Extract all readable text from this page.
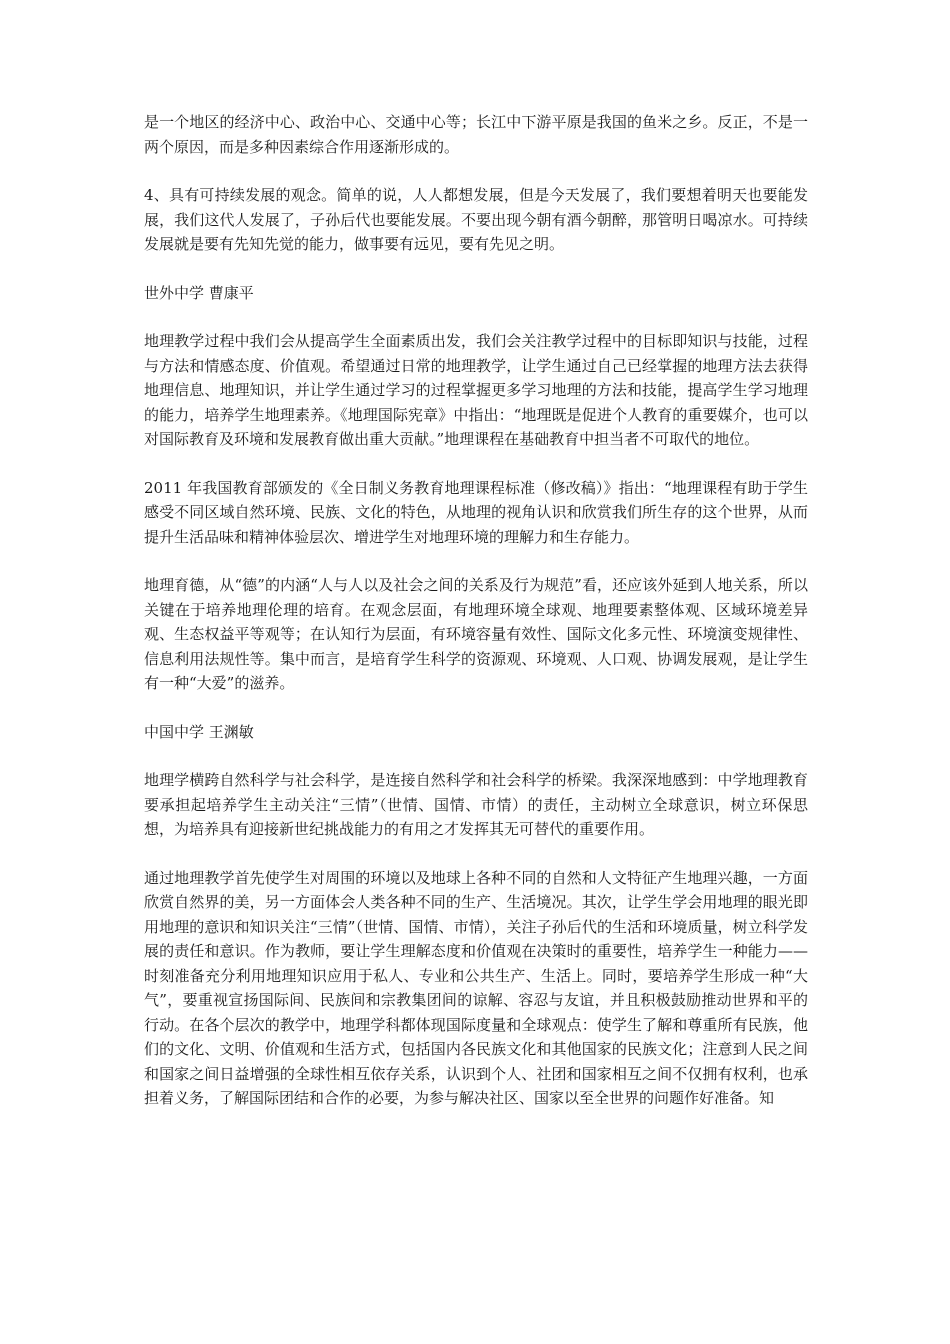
是一个地区的经济中心、政治中心、交通中心等；长江中下游平原是我国的鱼米之乡。反正，不是一两个原因，而是多种因素综合作用逐渐形成的。

4、具有可持续发展的观念。简单的说，人人都想发展，但是今天发展了，我们要想着明天也要能发展，我们这代人发展了，子孙后代也要能发展。不要出现今朝有酒今朝醉，那管明日喝凉水。可持续发展就是要有先知先觉的能力，做事要有远见，要有先见之明。

世外中学 曹康平

地理教学过程中我们会从提高学生全面素质出发，我们会关注教学过程中的目标即知识与技能，过程与方法和情感态度、价值观。希望通过日常的地理教学，让学生通过自己已经掌握的地理方法去获得地理信息、地理知识，并让学生通过学习的过程掌握更多学习地理的方法和技能，提高学生学习地理的能力，培养学生地理素养。《地理国际宪章》中指出：“地理既是促进个人教育的重要媒介，也可以对国际教育及环境和发展教育做出重大贡献。”地理课程在基础教育中担当者不可取代的地位。

2011 年我国教育部颁发的《全日制义务教育地理课程标准（修改稿）》指出：“地理课程有助于学生感受不同区域自然环境、民族、文化的特色，从地理的视角认识和欣赏我们所生存的这个世界，从而提升生活品味和精神体验层次、增进学生对地理环境的理解力和生存能力。

地理育德，从“德”的内涵“人与人以及社会之间的关系及行为规范”看，还应该外延到人地关系，所以关键在于培养地理伦理的培育。在观念层面，有地理环境全球观、地理要素整体观、区域环境差异观、生态权益平等观等；在认知行为层面，有环境容量有效性、国际文化多元性、环境演变规律性、信息利用法规性等。集中而言，是培育学生科学的资源观、环境观、人口观、协调发展观，是让学生有一种“大爱”的滋养。

中国中学 王渊敏

地理学横跨自然科学与社会科学，是连接自然科学和社会科学的桥梁。我深深地感到：中学地理教育要承担起培养学生主动关注“三情”（世情、国情、市情）的责任，主动树立全球意识，树立环保思想，为培养具有迎接新世纪挑战能力的有用之才发挥其无可替代的重要作用。

通过地理教学首先使学生对周围的环境以及地球上各种不同的自然和人文特征产生地理兴趣，一方面欣赏自然界的美，另一方面体会人类各种不同的生产、生活境况。其次，让学生学会用地理的眼光即用地理的意识和知识关注“三情”（世情、国情、市情），关注子孙后代的生活和环境质量，树立科学发展的责任和意识。作为教师，要让学生理解态度和价值观在决策时的重要性，培养学生一种能力——时刻准备充分利用地理知识应用于私人、专业和公共生产、生活上。同时，要培养学生形成一种“大气”，要重视宣扬国际间、民族间和宗教集团间的谅解、容忍与友谊，并且积极鼓励推动世界和平的行动。在各个层次的教学中，地理学科都体现国际度量和全球观点：使学生了解和尊重所有民族，他们的文化、文明、价值观和生活方式，包括国内各民族文化和其他国家的民族文化；注意到人民之间和国家之间日益增强的全球性相互依存关系，认识到个人、社团和国家相互之间不仅拥有权利，也承担着义务，了解国际团结和合作的必要，为参与解决社区、国家以至全世界的问题作好准备。知
